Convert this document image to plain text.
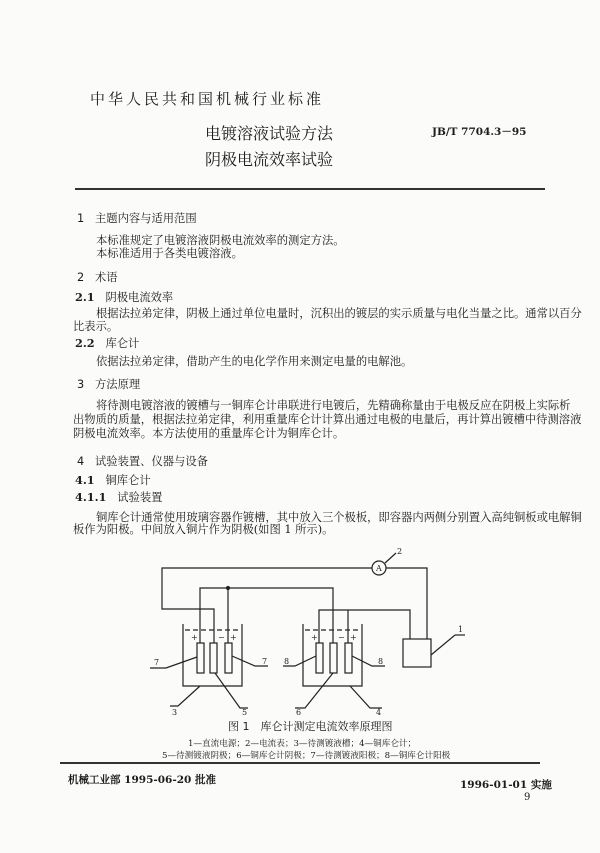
中华人民共和国机械行业标准
电镀溶液试验方法
阴极电流效率试验
JB/T 7704.3－95
1 主题内容与适用范围
本标准规定了电镀溶液阴极电流效率的测定方法。
本标准适用于各类电镀溶液。
2 术语
2.1 阴极电流效率
根据法拉弟定律，阴极上通过单位电量时，沉积出的镀层的实示质量与电化当量之比。通常以百分
比表示。
2.2 库仑计
依据法拉弟定律，借助产生的电化学作用来测定电量的电解池。
3 方法原理
将待测电镀溶液的镀槽与一铜库仑计串联进行电镀后，先精确称量由于电极反应在阴极上实际析
出物质的质量，根据法拉弟定律，利用重量库仑计计算出通过电极的电量后，再计算出镀槽中待测溶液
阴极电流效率。本方法使用的重量库仑计为铜库仑计。
4 试验装置、仪器与设备
4.1 铜库仑计
4.1.1 试验装置
铜库仑计通常使用玻璃容器作镀槽，其中放入三个极板，即容器内两侧分别置入高纯铜板或电解铜
板作为阳极。中间放入铜片作为阴极(如图 1 所示)。
A
2
1
7	7
5
3
8	8
6	4
+	− +	+	− +
图 1　库仑计测定电流效率原理图
1—直流电源；2—电流表；3—待测镀液槽；4—铜库仑计；
5—待测镀液阴极；6—铜库仑计阴极；7—待测镀液阳极；8—铜库仑计阳极
机械工业部 1995-06-20 批准	1996-01-01 实施
9
